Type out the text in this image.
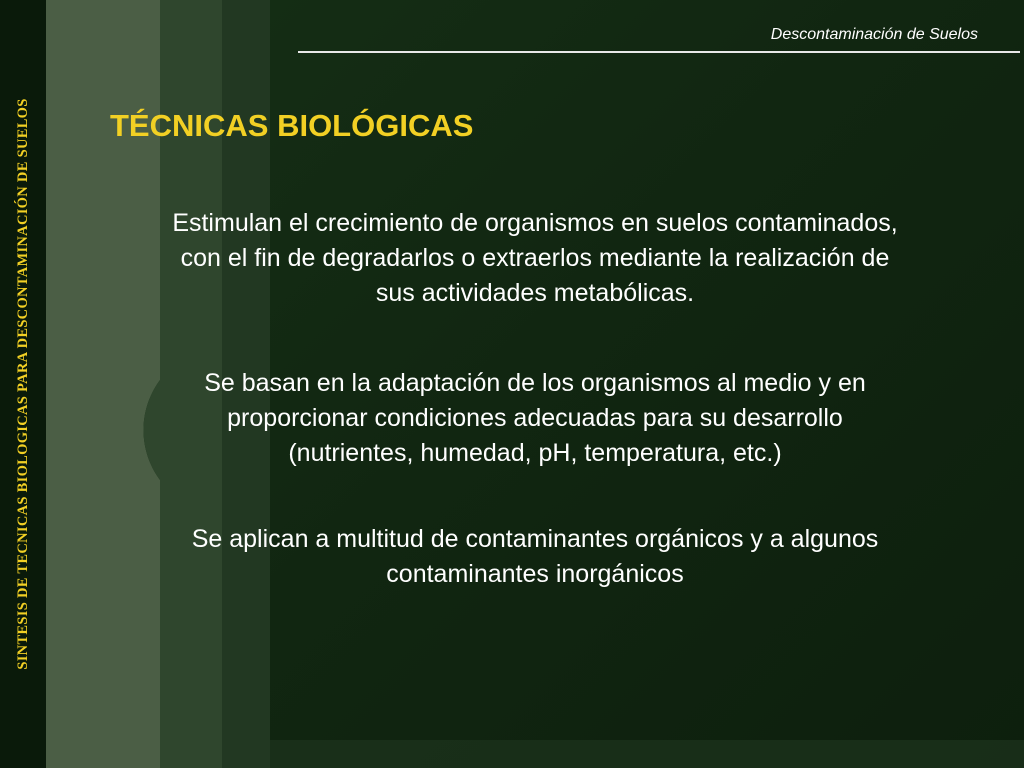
SINTESIS DE TECNICAS BIOLOGICAS PARA DESCONTAMINACIÓN DE SUELOS
Descontaminación de Suelos
TÉCNICAS BIOLÓGICAS

Estimulan el crecimiento de organismos en suelos contaminados,
con el fin de degradarlos o extraerlos mediante la realización de
sus actividades metabólicas.

Se basan en la adaptación de los organismos al medio y en
proporcionar condiciones adecuadas para su desarrollo
(nutrientes, humedad, pH, temperatura, etc.)

Se aplican a multitud de contaminantes orgánicos y a algunos
contaminantes inorgánicos
